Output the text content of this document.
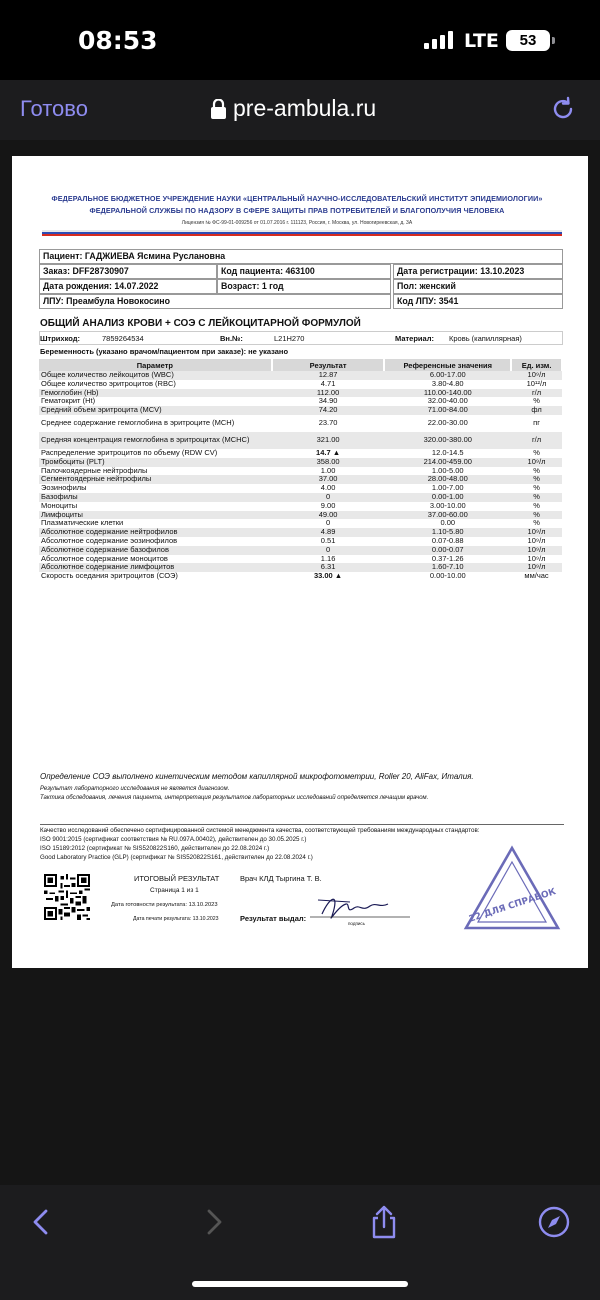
08:53	LTE	53
Готово	pre-ambula.ru
ФЕДЕРАЛЬНОЕ БЮДЖЕТНОЕ УЧРЕЖДЕНИЕ НАУКИ «ЦЕНТРАЛЬНЫЙ НАУЧНО-ИССЛЕДОВАТЕЛЬСКИЙ ИНСТИТУТ ЭПИДЕМИОЛОГИИ»
ФЕДЕРАЛЬНОЙ СЛУЖБЫ ПО НАДЗОРУ В СФЕРЕ ЗАЩИТЫ ПРАВ ПОТРЕБИТЕЛЕЙ И БЛАГОПОЛУЧИЯ ЧЕЛОВЕКА
Лицензия № ФС-99-01-009256 от 01.07.2016 г. 111123, Россия, г. Москва, ул. Новогиреевская, д. 3А
Пациент: ГАДЖИЕВА Ясмина Руслановна
Заказ: DFF28730907	Код пациента: 463100	Дата регистрации: 13.10.2023
Дата рождения: 14.07.2022	Возраст: 1 год	Пол: женский
ЛПУ: Преамбула Новокосино	Код ЛПУ: 3541
ОБЩИЙ АНАЛИЗ КРОВИ + СОЭ С ЛЕЙКОЦИТАРНОЙ ФОРМУЛОЙ
Штрихкод:	7859264534	Вн.№:	L21H270	Материал: Кровь (капиллярная)
Беременность (указано врачом/пациентом при заказе): не указано
Параметр	Результат	Референсные значения	Ед. изм.
Общее количество лейкоцитов (WBC)	12.87	6.00-17.00	10⁹/л
Общее количество эритроцитов (RBC)	4.71	3.80-4.80	10¹²/л
Гемоглобин (Hb)	112.00	110.00-140.00	г/л
Гематокрит (Ht)	34.90	32.00-40.00	%
Средний объем эритроцита (MCV)	74.20	71.00-84.00	фл
Среднее содержание гемоглобина в эритроците (MCH)	23.70	22.00-30.00	пг
Средняя концентрация гемоглобина в эритроцитах (MCHC)	321.00	320.00-380.00	г/л
Распределение эритроцитов по объему (RDW CV)	14.7 ▲	12.0-14.5	%
Тромбоциты (PLT)	358.00	214.00-459.00	10⁹/л
Палочкоядерные нейтрофилы	1.00	1.00-5.00	%
Сегментоядерные нейтрофилы	37.00	28.00-48.00	%
Эозинофилы	4.00	1.00-7.00	%
Базофилы	0	0.00-1.00	%
Моноциты	9.00	3.00-10.00	%
Лимфоциты	49.00	37.00-60.00	%
Плазматические клетки	0	0.00	%
Абсолютное содержание нейтрофилов	4.89	1.10-5.80	10⁹/л
Абсолютное содержание эозинофилов	0.51	0.07-0.88	10⁹/л
Абсолютное содержание базофилов	0	0.00-0.07	10⁹/л
Абсолютное содержание моноцитов	1.16	0.37-1.26	10⁹/л
Абсолютное содержание лимфоцитов	6.31	1.60-7.10	10⁹/л
Скорость оседания эритроцитов (СОЭ)	33.00 ▲	0.00-10.00	мм/час
Определение СОЭ выполнено кинетическим методом капиллярной микрофотометрии, Roller 20, AliFax, Италия.
Результат лабораторного исследования не является диагнозом.
Тактика обследования, лечения пациента, интерпретация результатов лабораторных исследований определяется лечащим врачом.
Качество исследований обеспечено сертифицированной системой менеджмента качества, соответствующей требованиям международных стандартов:
ISO 9001:2015 (сертификат соответствия № RU.097A.00402), действителен до 30.05.2025 г.)
ISO 15189:2012 (сертификат № SIS520822S160, действителен до 22.08.2024 г.)
Good Laboratory Practice (GLP) (сертификат № SIS520822S161, действителен до 22.08.2024 г.)
ИТОГОВЫЙ РЕЗУЛЬТАТ
Страница 1 из 1
Дата готовности результата: 13.10.2023
Дата печати результата: 13.10.2023
Врач КЛД Тыргина Т. В.
Результат выдал:
подпись	22 ДЛЯ СПРАВОК
